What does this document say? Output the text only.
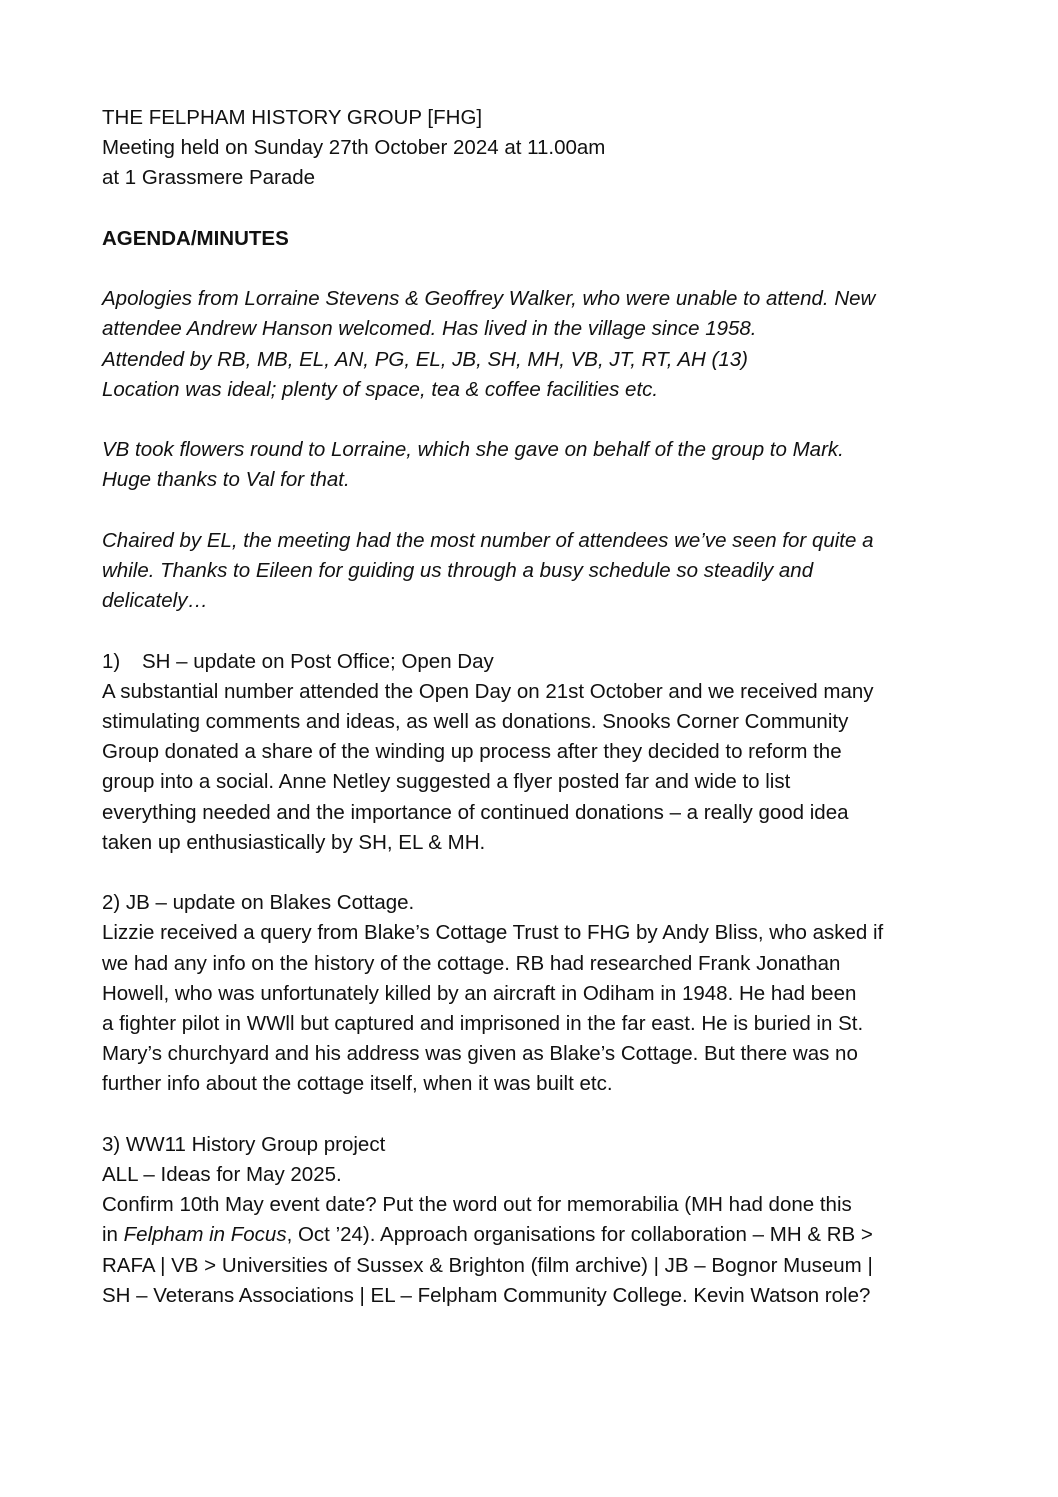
THE FELPHAM HISTORY GROUP [FHG]
Meeting held on Sunday 27th October 2024 at 11.00am
at 1 Grassmere Parade
AGENDA/MINUTES
Apologies from Lorraine Stevens & Geoffrey Walker, who were unable to attend. New
attendee Andrew Hanson welcomed. Has lived in the village since 1958.
Attended by RB, MB, EL, AN, PG, EL, JB, SH, MH, VB, JT, RT, AH (13)
Location was ideal; plenty of space, tea & coffee facilities etc.
VB took flowers round to Lorraine, which she gave on behalf of the group to Mark.
Huge thanks to Val for that.
Chaired by EL, the meeting had the most number of attendees we’ve seen for quite a
while. Thanks to Eileen for guiding us through a busy schedule so steadily and
delicately…
1) SH – update on Post Office; Open Day
A substantial number attended the Open Day on 21st October and we received many
stimulating comments and ideas, as well as donations. Snooks Corner Community
Group donated a share of the winding up process after they decided to reform the
group into a social. Anne Netley suggested a flyer posted far and wide to list
everything needed and the importance of continued donations – a really good idea
taken up enthusiastically by SH, EL & MH.
2) JB – update on Blakes Cottage.
Lizzie received a query from Blake’s Cottage Trust to FHG by Andy Bliss, who asked if
we had any info on the history of the cottage. RB had researched Frank Jonathan
Howell, who was unfortunately killed by an aircraft in Odiham in 1948. He had been
a fighter pilot in WWll but captured and imprisoned in the far east. He is buried in St.
Mary’s churchyard and his address was given as Blake’s Cottage. But there was no
further info about the cottage itself, when it was built etc.
3) WW11 History Group project
ALL – Ideas for May 2025.
Confirm 10th May event date? Put the word out for memorabilia (MH had done this
in Felpham in Focus, Oct ’24). Approach organisations for collaboration – MH & RB >
RAFA | VB > Universities of Sussex & Brighton (film archive) | JB – Bognor Museum |
SH – Veterans Associations | EL – Felpham Community College. Kevin Watson role?
